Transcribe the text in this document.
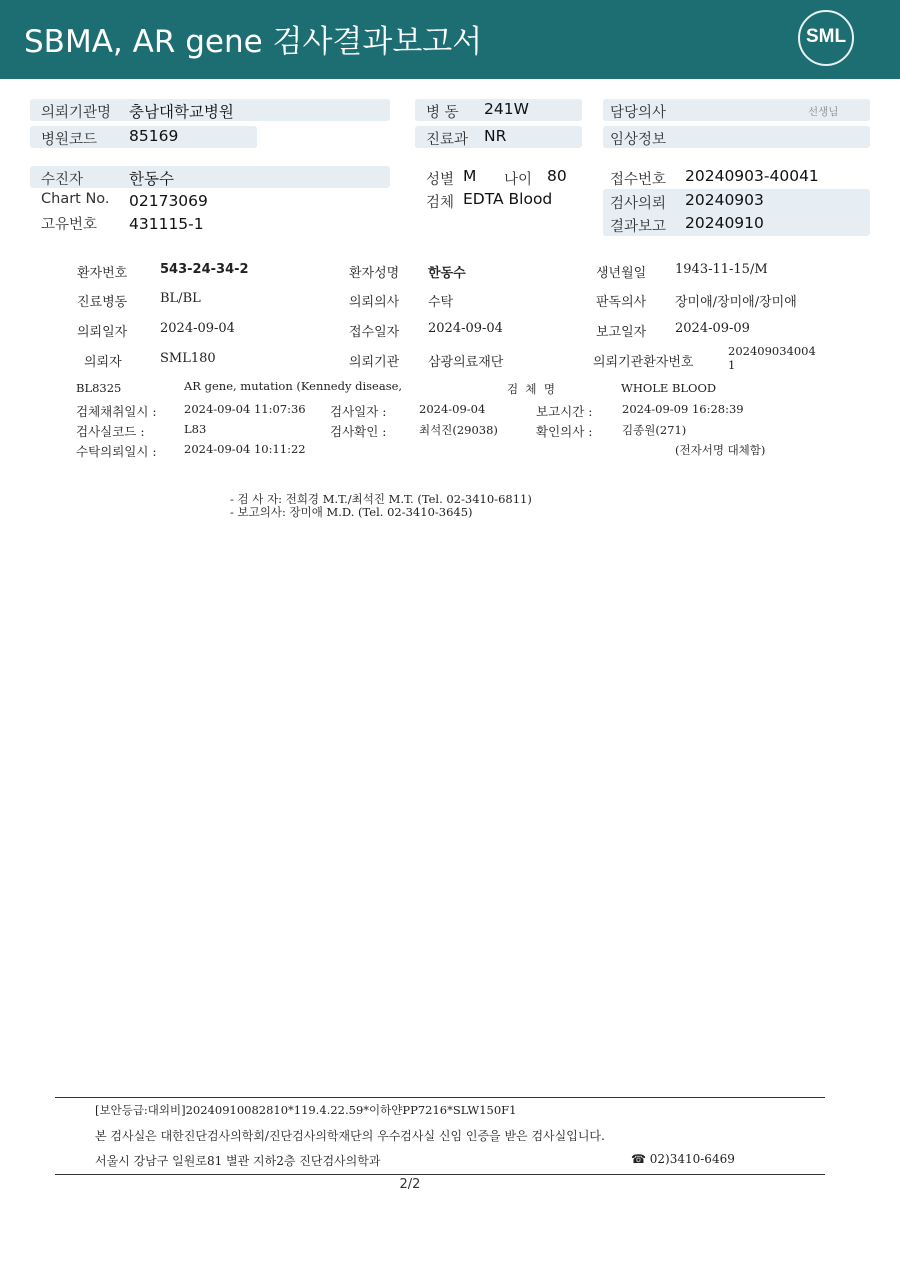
SBMA, AR gene 검사결과보고서	SML
의뢰기관명 충남대학교병원
병원코드 85169
병 동 241W
진료과 NR
담당의사	선생님
임상정보
수진자	한동수
Chart No. 02173069
고유번호 431115-1
성별 M 나이 80
검체 EDTA Blood
접수번호 20240903-40041
검사의뢰 20240903
결과보고 20240910
환자번호	543-24-34-2	환자성명 한동수	생년월일 1943-11-15/M
진료병동	BL/BL	의뢰의사 수탁	판독의사 장미애/장미애/장미애
의뢰일자	2024-09-04	접수일자 2024-09-04	보고일자 2024-09-09
의뢰자	SML180	의뢰기관 삼광의료재단	의뢰기관환자번호
202409034004
1
BL8325	AR gene, mutation (Kennedy disease,	검  체  명	WHOLE BLOOD
검체채취일시 : 2024-09-04 11:07:36 검사일자 :	2024-09-04	보고시간 :	2024-09-09 16:28:39
검사실코드 :	L83	검사확인 :	최석진(29038)	확인의사 :	김종원(271)
수탁의뢰일시 : 2024-09-04 10:11:22	(전자서명 대체함)
- 검 사 자: 전희경 M.T./최석진 M.T. (Tel. 02-3410-6811)
- 보고의사: 장미애 M.D. (Tel. 02-3410-3645)
[보안등급:대외비]20240910082810*119.4.22.59*이하얀PP7216*SLW150F1
본 검사실은 대한진단검사의학회/진단검사의학재단의 우수검사실 신임 인증을 받은 검사실입니다.
서울시 강남구 일원로81 별관 지하2층 진단검사의학과	☎ 02)3410-6469
2/2
